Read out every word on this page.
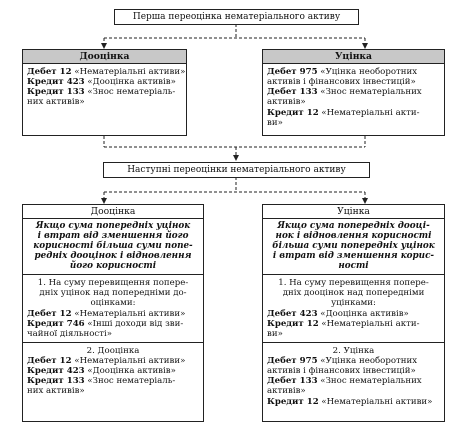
Перша переоцінка нематеріального активу
Дооцінка
Дебет 12 «Нематеріальні активи»
Кредит 423 «Дооцінка активів»
Кредит 133 «Знос нематеріаль-
них активів»
Уцінка
Дебет 975 «Уцінка необоротних
активів і фінансових інвестицій»
Дебет 133 «Знос нематеріальних
активів»
Кредит 12 «Нематеріальні акти-
ви»
Наступні переоцінки нематеріального активу
Дооцінка
Якщо сума попередніх уцінок
і втрат від зменшення його
корисності більша суми попе-
редніх дооцінок і відновлення
його корисності
1. На суму перевищення попере-
дніх уцінок над попередніми до-
оцінками:
Дебет 12 «Нематеріальні активи»
Кредит 746 «Інші доходи від зви-
чайної діяльності»
2. Дооцінка
Дебет 12 «Нематеріальні активи»
Кредит 423 «Дооцінка активів»
Кредит 133 «Знос нематеріаль-
них активів»
Уцінка
Якщо сума попередніх дооці-
нок і відновлення корисності
більша суми попередніх уцінок
і втрат від зменшення корис-
ності
1. На суму перевищення попере-
дніх дооцінок над попередніми
уцінками:
Дебет 423 «Дооцінка активів»
Кредит 12 «Нематеріальні акти-
ви»
2. Уцінка
Дебет 975 «Уцінка необоротних
активів і фінансових інвестицій»
Дебет 133 «Знос нематеріальних
активів»
Кредит 12 «Нематеріальні активи»
